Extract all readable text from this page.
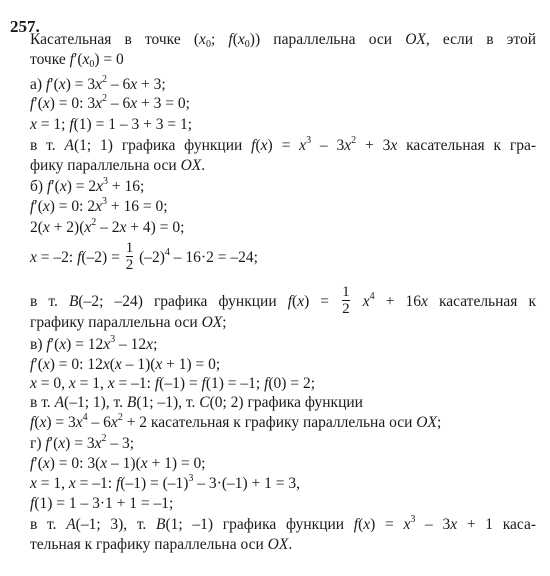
257.
Касательная в точке ($x_0$; $f(x_0)$) параллельна оси OX, если в этой
точке $f'(x_0) = 0$
а) $f'(x) = 3x^2 - 6x + 3$;
f′(x) = 0: $3x^2 - 6x + 3 = 0$;
x = 1; f(1) = 1 – 3 + 3 = 1;
в т. A(1; 1) графика функции $f(x) = x^3 - 3x^2 + 3x$ касательная к гра-
фику параллельна оси OX.
б) $f'(x) = 2x^3 + 16$;
f′(x) = 0: $2x^3 + 16 = 0$;
$2(x + 2)(x^2 - 2x + 4) = 0$;
x = –2: $f(-2) = \frac{1}{2} (-2)^4 - 16\cdot 2 = -24$;
в т. B(–2; –24) графика функции $f(x) = \frac{1}{2} x^4 + 16x$ касательная к
графику параллельна оси OX;
в) $f'(x) = 12x^3 - 12x$;
f′(x) = 0: 12x(x – 1)(x + 1) = 0;
x = 0, x = 1, x = –1: f(–1) = f(1) = –1; f(0) = 2;
в т. A(–1; 1), т. B(1; –1), т. C(0; 2) графика функции
$f(x) = 3x^4 - 6x^2 + 2$ касательная к графику параллельна оси OX;
г) $f'(x) = 3x^2 - 3$;
f′(x) = 0: 3(x – 1)(x + 1) = 0;
x = 1, x = –1: $f(-1) = (-1)^3 - 3\cdot(-1) + 1 = 3$,
f(1) = 1 – 3·1 + 1 = –1;
в т. A(–1; 3), т. B(1; –1) графика функции $f(x) = x^3 - 3x + 1$ каса-
тельная к графику параллельна оси OX.
